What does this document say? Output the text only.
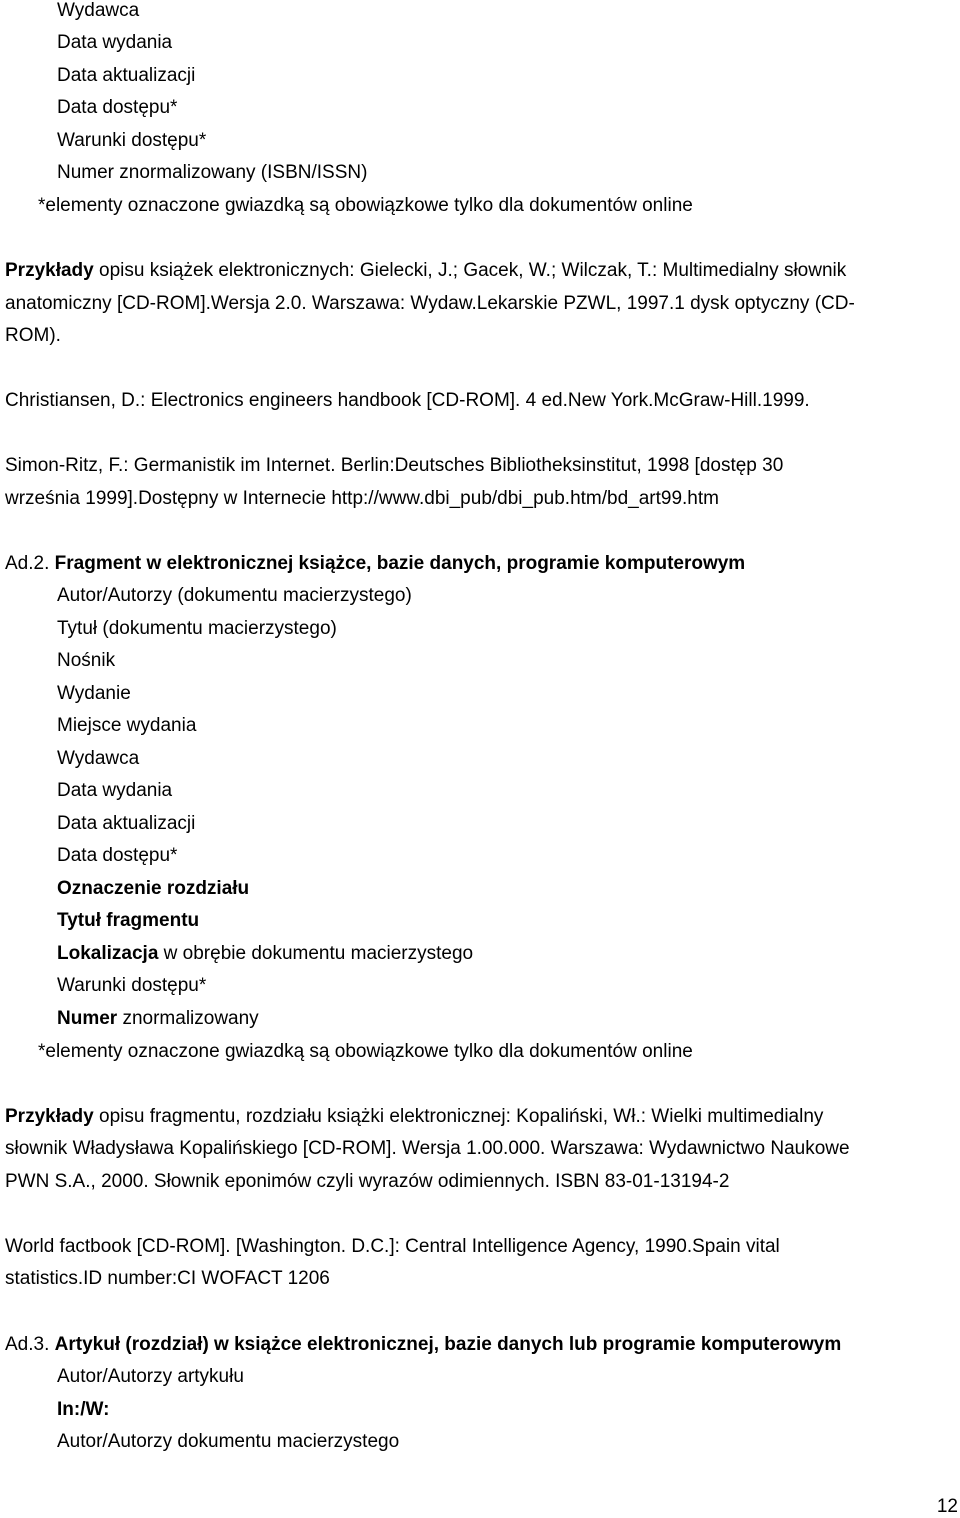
Wydawca
Data wydania
Data aktualizacji
Data dostępu*
Warunki dostępu*
Numer znormalizowany (ISBN/ISSN)
*elementy oznaczone gwiazdką są obowiązkowe tylko dla dokumentów online
Przykłady opisu książek elektronicznych: Gielecki, J.; Gacek, W.; Wilczak, T.: Multimedialny słownik
anatomiczny [CD-ROM].Wersja 2.0. Warszawa: Wydaw.Lekarskie PZWL, 1997.1 dysk optyczny (CD-
ROM).
Christiansen, D.: Electronics engineers handbook [CD-ROM]. 4 ed.New York.McGraw-Hill.1999.
Simon-Ritz, F.: Germanistik im Internet. Berlin:Deutsches Bibliotheksinstitut, 1998 [dostęp 30
września 1999].Dostępny w Internecie http://www.dbi_pub/dbi_pub.htm/bd_art99.htm
Ad.2. Fragment w elektronicznej książce, bazie danych, programie komputerowym
Autor/Autorzy (dokumentu macierzystego)
Tytuł (dokumentu macierzystego)
Nośnik
Wydanie
Miejsce wydania
Wydawca
Data wydania
Data aktualizacji
Data dostępu*
Oznaczenie rozdziału
Tytuł fragmentu
Lokalizacja w obrębie dokumentu macierzystego
Warunki dostępu*
Numer znormalizowany
*elementy oznaczone gwiazdką są obowiązkowe tylko dla dokumentów online
Przykłady opisu fragmentu, rozdziału książki elektronicznej: Kopaliński, Wł.: Wielki multimedialny
słownik Władysława Kopalińskiego [CD-ROM]. Wersja 1.00.000. Warszawa: Wydawnictwo Naukowe
PWN S.A., 2000. Słownik eponimów czyli wyrazów odimiennych. ISBN 83-01-13194-2
World factbook [CD-ROM]. [Washington. D.C.]: Central Intelligence Agency, 1990.Spain vital
statistics.ID number:CI WOFACT 1206
Ad.3. Artykuł (rozdział) w książce elektronicznej, bazie danych lub programie komputerowym
Autor/Autorzy artykułu
In:/W:
Autor/Autorzy dokumentu macierzystego
12
